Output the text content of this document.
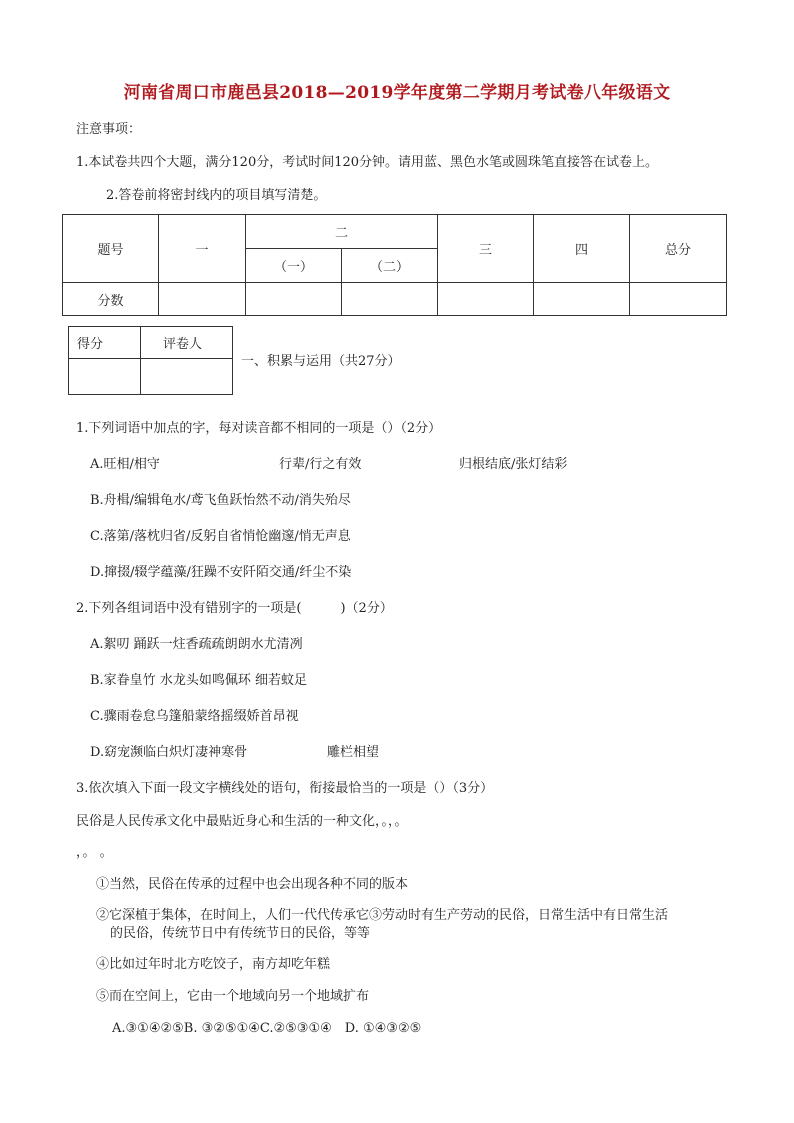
河南省周口市鹿邑县2018—2019学年度第二学期月考试卷八年级语文
注意事项：
1.本试卷共四个大题，满分120分，考试时间120分钟。请用蓝、黑色水笔或圆珠笔直接答在试卷上。
2.答卷前将密封线内的项目填写清楚。
题号	一	二		三	四	总分
		（一）	（二）			
分数						
得分	评卷人

一、积累与运用（共27分）
1.下列词语中加点的字，每对读音都不相同的一项是（）（2分）
A.旺相/相守	行辈/行之有效	归根结底/张灯结彩
B.舟楫/编辑龟水/鸢飞鱼跃怡然不动/消失殆尽
C.落第/落枕归省/反躬自省悄怆幽邃/悄无声息
D.撺掇/辍学蕴藻/狂躁不安阡陌交通/纤尘不染
2.下列各组词语中没有错别字的一项是(　　　)（2分）
A.絮叨 踊跃一炷香疏疏朗朗水尤清冽
B.家眷皇竹 水龙头如鸣佩环 细若蚊足
C.骤雨卷怠乌篷船蒙络摇缀娇首昂视
D.窈宠濒临白炽灯凄神寒骨	雕栏相望
3.依次填入下面一段文字横线处的语句，衔接最恰当的一项是（）（3分）
民俗是人民传承文化中最贴近身心和生活的一种文化，。，。
，。 。
①当然，民俗在传承的过程中也会出现各种不同的版本
②它深植于集体，在时间上，人们一代代传承它③劳动时有生产劳动的民俗，日常生活中有日常生活
的民俗，传统节日中有传统节日的民俗，等等
④比如过年时北方吃饺子，南方却吃年糕
⑤而在空间上，它由一个地域向另一个地域扩布
A.③①④②⑤B. ③②⑤①④C.②⑤③①④　D. ①④③②⑤
